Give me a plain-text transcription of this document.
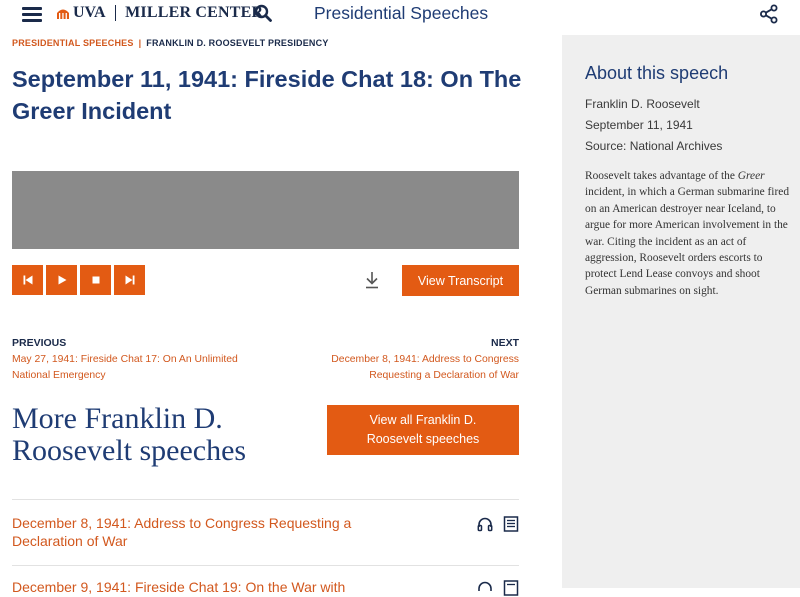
UVA MILLER CENTER	Presidential Speeches
PRESIDENTIAL SPEECHES | FRANKLIN D. ROOSEVELT PRESIDENCY
September 11, 1941: Fireside Chat 18: On The Greer Incident
View Transcript
PREVIOUS
May 27, 1941: Fireside Chat 17: On An Unlimited
National Emergency
NEXT
December 8, 1941: Address to Congress
Requesting a Declaration of War
More Franklin D.
Roosevelt speeches
View all Franklin D.
Roosevelt speeches
December 8, 1941: Address to Congress Requesting a
Declaration of War
December 9, 1941: Fireside Chat 19: On the War with
About this speech
Franklin D. Roosevelt
September 11, 1941
Source: National Archives
Roosevelt takes advantage of the Greer incident, in which a German submarine fired on an American destroyer near Iceland, to argue for more American involvement in the war. Citing the incident as an act of aggression, Roosevelt orders escorts to protect Lend Lease convoys and shoot German submarines on sight.
